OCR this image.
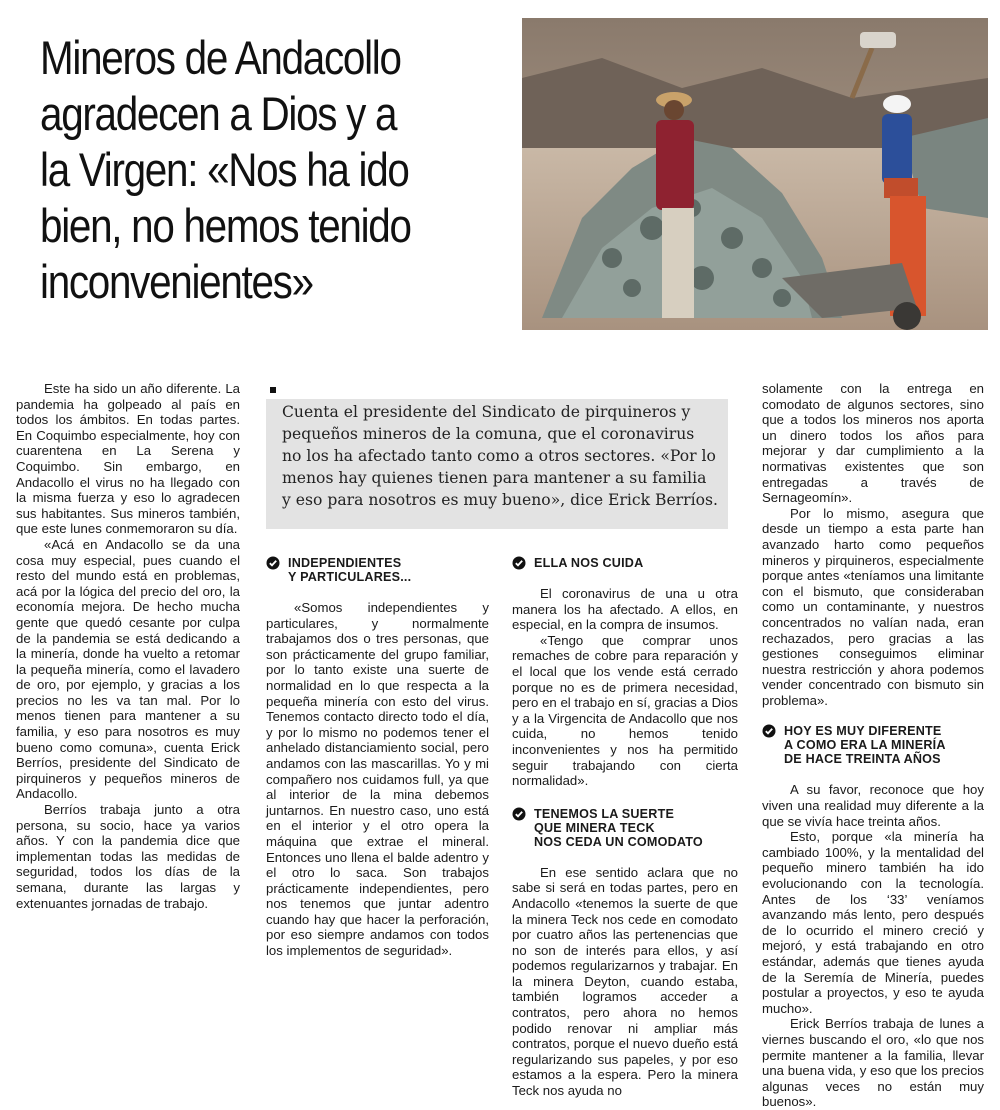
Mineros de Andacollo
agradecen a Dios y a
la Virgen: «Nos ha ido
bien, no hemos tenido
inconvenientes»
Cuenta el presidente del Sindicato de pirquineros y
pequeños mineros de la comuna, que el coronavirus
no los ha afectado tanto como a otros sectores. «Por lo
menos hay quienes tienen para mantener a su familia
y eso para nosotros es muy bueno», dice Erick Berríos.

Este ha sido un año diferente. La pandemia ha golpeado al país en todos los ámbitos. En todas partes. En Coquimbo especialmente, hoy con cuarentena en La Serena y Coquimbo. Sin embargo, en Andacollo el virus no ha llegado con la misma fuerza y eso lo agradecen sus habitantes. Sus mineros también, que este lunes conmemoraron su día.

«Acá en Andacollo se da una cosa muy especial, pues cuando el resto del mundo está en problemas, acá por la lógica del precio del oro, la economía mejora. De hecho mucha gente que quedó cesante por culpa de la pandemia se está dedicando a la minería, donde ha vuelto a retomar la pequeña minería, como el lavadero de oro, por ejemplo, y gracias a los precios no les va tan mal. Por lo menos tienen para mantener a su familia, y eso para nosotros es muy bueno como comuna», cuenta Erick Berríos, presidente del Sindicato de pirquineros y pequeños mineros de Andacollo.

Berríos trabaja junto a otra persona, su socio, hace ya varios años. Y con la pandemia dice que implementan todas las medidas de seguridad, todos los días de la semana, durante las largas y extenuantes jornadas de trabajo.

INDEPENDIENTES
Y PARTICULARES...

«Somos independientes y particulares, y normalmente trabajamos dos o tres personas, que son prácticamente del grupo familiar, por lo tanto existe una suerte de normalidad en lo que respecta a la pequeña minería con esto del virus. Tenemos contacto directo todo el día, y por lo mismo no podemos tener el anhelado distanciamiento social, pero andamos con las mascarillas. Yo y mi compañero nos cuidamos full, ya que al interior de la mina debemos juntarnos. En nuestro caso, uno está en el interior y el otro opera la máquina que extrae el mineral. Entonces uno llena el balde adentro y el otro lo saca. Son trabajos prácticamente independientes, pero nos tenemos que juntar adentro cuando hay que hacer la perforación, por eso siempre andamos con todos los implementos de seguridad».

ELLA NOS CUIDA

El coronavirus de una u otra manera los ha afectado. A ellos, en especial, en la compra de insumos.

«Tengo que comprar unos remaches de cobre para reparación y el local que los vende está cerrado porque no es de primera necesidad, pero en el trabajo en sí, gracias a Dios y a la Virgencita de Andacollo que nos cuida, no hemos tenido inconvenientes y nos ha permitido seguir trabajando con cierta normalidad».

TENEMOS LA SUERTE
QUE MINERA TECK
NOS CEDA UN COMODATO

En ese sentido aclara que no sabe si será en todas partes, pero en Andacollo «tenemos la suerte de que la minera Teck nos cede en comodato por cuatro años las pertenencias que no son de interés para ellos, y así podemos regularizarnos y trabajar. En la minera Deyton, cuando estaba, también logramos acceder a contratos, pero ahora no hemos podido renovar ni ampliar más contratos, porque el nuevo dueño está regularizando sus papeles, y por eso estamos a la espera. Pero la minera Teck nos ayuda no

solamente con la entrega en comodato de algunos sectores, sino que a todos los mineros nos aporta un dinero todos los años para mejorar y dar cumplimiento a la normativas existentes que son entregadas a través de Sernageomín».

Por lo mismo, asegura que desde un tiempo a esta parte han avanzado harto como pequeños mineros y pirquineros, especialmente porque antes «teníamos una limitante con el bismuto, que consideraban como un contaminante, y nuestros concentrados no valían nada, eran rechazados, pero gracias a las gestiones conseguimos eliminar nuestra restricción y ahora podemos vender concentrado con bismuto sin problema».

HOY ES MUY DIFERENTE
A COMO ERA LA MINERÍA
DE HACE TREINTA AÑOS

A su favor, reconoce que hoy viven una realidad muy diferente a la que se vivía hace treinta años.

Esto, porque «la minería ha cambiado 100%, y la mentalidad del pequeño minero también ha ido evolucionando con la tecnología. Antes de los ‘33’ veníamos avanzando más lento, pero después de lo ocurrido el minero creció y mejoró, y está trabajando en otro estándar, además que tienes ayuda de la Seremía de Minería, puedes postular a proyectos, y eso te ayuda mucho».

Erick Berríos trabaja de lunes a viernes buscando el oro, «lo que nos permite mantener a la familia, llevar una buena vida, y eso que los precios algunas veces no están muy buenos».
